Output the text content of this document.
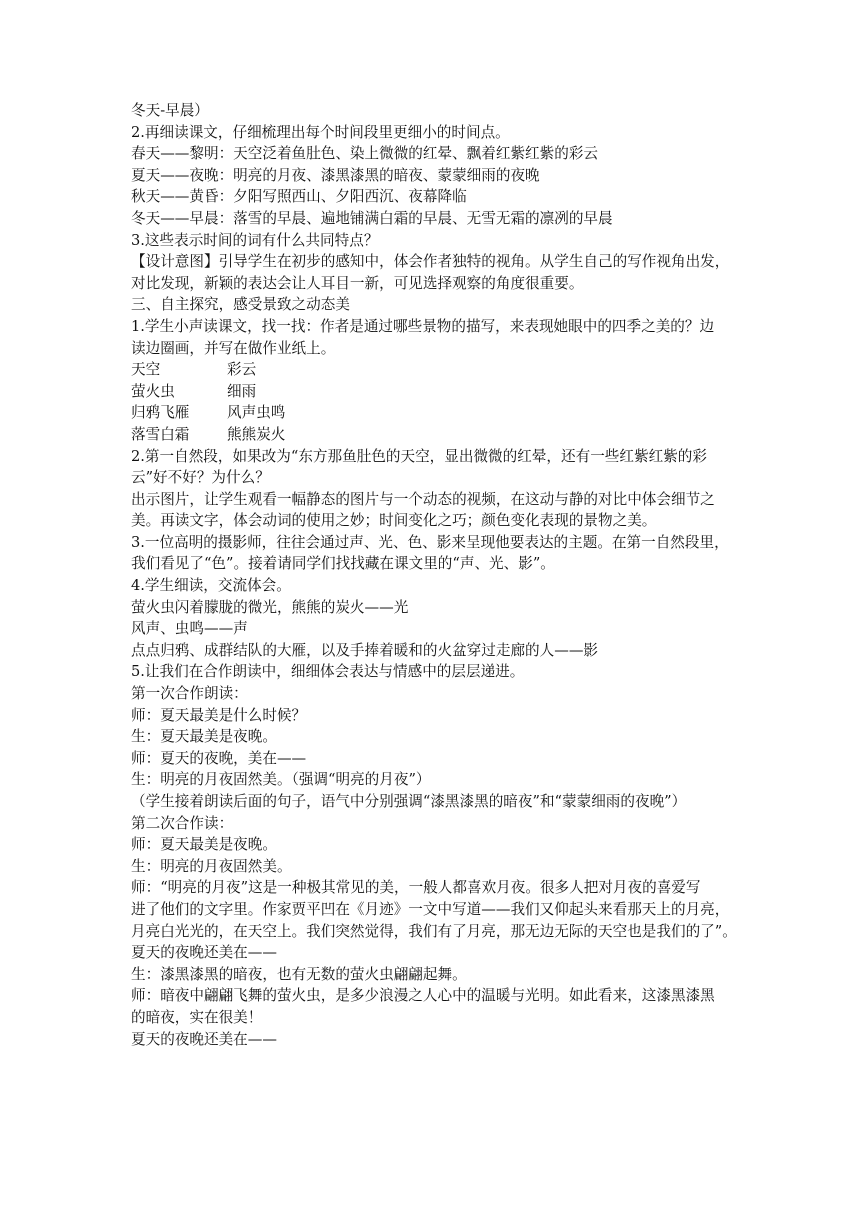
冬天-早晨）
2.再细读课文，仔细梳理出每个时间段里更细小的时间点。
春天——黎明：天空泛着鱼肚色、染上微微的红晕、飘着红紫红紫的彩云
夏天——夜晚：明亮的月夜、漆黑漆黑的暗夜、蒙蒙细雨的夜晚
秋天——黄昏：夕阳写照西山、夕阳西沉、夜幕降临
冬天——早晨：落雪的早晨、遍地铺满白霜的早晨、无雪无霜的凛冽的早晨
3.这些表示时间的词有什么共同特点？
【设计意图】引导学生在初步的感知中，体会作者独特的视角。从学生自己的写作视角出发，
对比发现，新颖的表达会让人耳目一新，可见选择观察的角度很重要。
三、自主探究，感受景致之动态美
1.学生小声读课文，找一找：作者是通过哪些景物的描写，来表现她眼中的四季之美的？边
读边圈画，并写在做作业纸上。
天空	彩云
萤火虫	细雨
归鸦飞雁	风声虫鸣
落雪白霜	熊熊炭火
2.第一自然段，如果改为“东方那鱼肚色的天空，显出微微的红晕，还有一些红紫红紫的彩
云”好不好？为什么？
出示图片，让学生观看一幅静态的图片与一个动态的视频，在这动与静的对比中体会细节之
美。再读文字，体会动词的使用之妙；时间变化之巧；颜色变化表现的景物之美。
3.一位高明的摄影师，往往会通过声、光、色、影来呈现他要表达的主题。在第一自然段里，
我们看见了“色”。接着请同学们找找藏在课文里的“声、光、影”。
4.学生细读，交流体会。
萤火虫闪着朦胧的微光，熊熊的炭火——光
风声、虫鸣——声
点点归鸦、成群结队的大雁，以及手捧着暖和的火盆穿过走廊的人——影
5.让我们在合作朗读中，细细体会表达与情感中的层层递进。
第一次合作朗读：
师：夏天最美是什么时候？
生：夏天最美是夜晚。
师：夏天的夜晚，美在——
生：明亮的月夜固然美。（强调“明亮的月夜”）
（学生接着朗读后面的句子，语气中分别强调“漆黑漆黑的暗夜”和“蒙蒙细雨的夜晚”）
第二次合作读：
师：夏天最美是夜晚。
生：明亮的月夜固然美。
师：“明亮的月夜”这是一种极其常见的美，一般人都喜欢月夜。很多人把对月夜的喜爱写
进了他们的文字里。作家贾平凹在《月迹》一文中写道——我们又仰起头来看那天上的月亮，
月亮白光光的，在天空上。我们突然觉得，我们有了月亮，那无边无际的天空也是我们的了”。
夏天的夜晚还美在——
生：漆黑漆黑的暗夜，也有无数的萤火虫翩翩起舞。
师：暗夜中翩翩飞舞的萤火虫，是多少浪漫之人心中的温暖与光明。如此看来，这漆黑漆黑
的暗夜，实在很美！
夏天的夜晚还美在——
